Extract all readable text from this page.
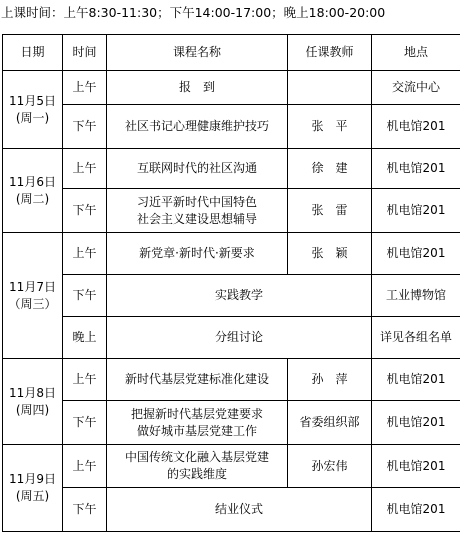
上课时间：上午8:30-11:30；下午14:00-17:00；晚上18:00-20:00
日期	时间	课程名称	任课教师	地点

11月5日
(周一)	上午	报　到		交流中心
	下午	社区书记心理健康维护技巧	张　平	机电馆201

11月6日
(周二)	上午	互联网时代的社区沟通	徐　建	机电馆201
	下午	习近平新时代中国特色
社会主义建设思想辅导	张　雷	机电馆201

11月7日
（周三）	上午	新党章·新时代·新要求	张　颖	机电馆201
	下午	实践教学		工业博物馆
	晚上	分组讨论		详见各组名单

11月8日
(周四)	上午	新时代基层党建标准化建设	孙　萍	机电馆201
	下午	把握新时代基层党建要求
做好城市基层党建工作	省委组织部	机电馆201

11月9日
(周五)	上午	中国传统文化融入基层党建
的实践维度	孙宏伟	机电馆201
	下午	结业仪式		机电馆201
